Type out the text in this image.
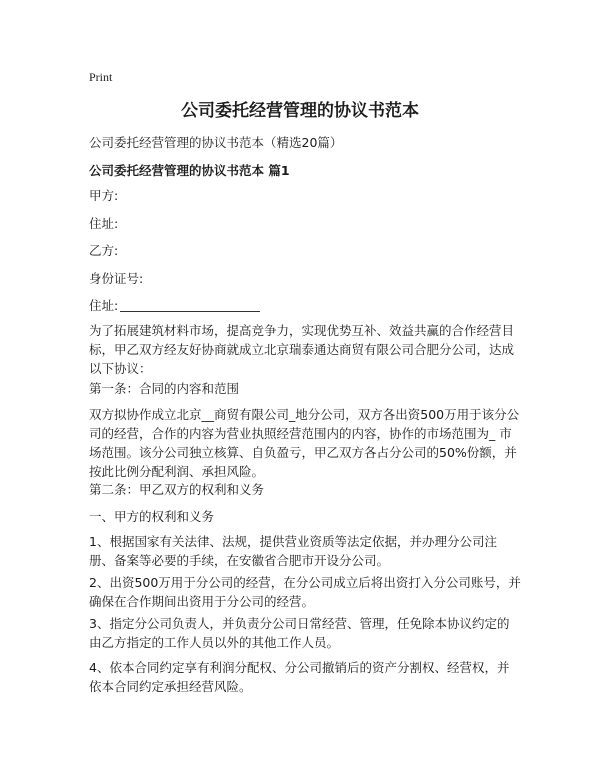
Print
公司委托经营管理的协议书范本

公司委托经营管理的协议书范本（精选20篇）

公司委托经营管理的协议书范本 篇1

甲方:

住址:

乙方:

身份证号:

住址:

为了拓展建筑材料市场，提高竞争力，实现优势互补、效益共赢的合作经营目标，甲乙双方经友好协商就成立北京瑞泰通达商贸有限公司合肥分公司，达成以下协议：

第一条：合同的内容和范围

双方拟协作成立北京__商贸有限公司_地分公司，双方各出资500万用于该分公司的经营，合作的内容为营业执照经营范围内的内容，协作的市场范围为_ 市场范围。该分公司独立核算、自负盈亏，甲乙双方各占分公司的50%份额，并按此比例分配利润、承担风险。

第二条：甲乙双方的权利和义务

一、甲方的权利和义务

1、根据国家有关法律、法规，提供营业资质等法定依据，并办理分公司注册、备案等必要的手续，在安徽省合肥市开设分公司。

2、出资500万用于分公司的经营，在分公司成立后将出资打入分公司账号，并确保在合作期间出资用于分公司的经营。

3、指定分公司负责人，并负责分公司日常经营、管理，任免除本协议约定的由乙方指定的工作人员以外的其他工作人员。

4、依本合同约定享有利润分配权、分公司撤销后的资产分割权、经营权，并依本合同约定承担经营风险。
